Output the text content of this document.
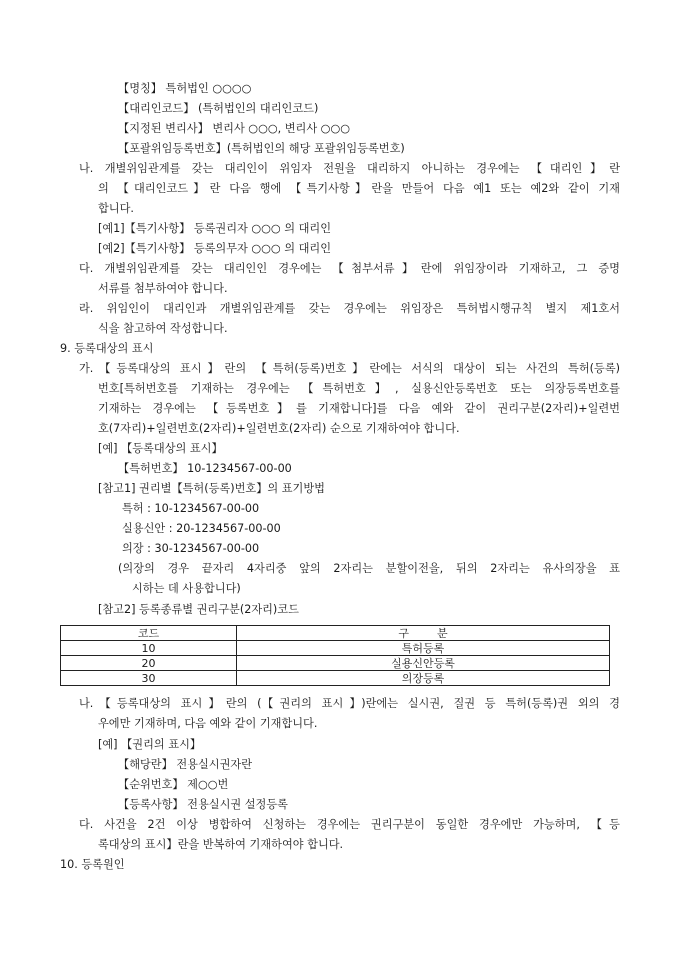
【명칭】 특허법인 ○○○○
【대리인코드】 (특허법인의 대리인코드)
【지정된 변리사】 변리사 ○○○, 변리사 ○○○
【포괄위임등록번호】(특허법인의 해당 포괄위임등록번호)
나. 개별위임관계를 갖는 대리인이 위임자 전원을 대리하지 아니하는 경우에는 【대리인】란
의 【대리인코드】란 다음 행에 【특기사항】란을 만들어 다음 예1 또는 예2와 같이 기재
합니다.
[예1]【특기사항】 등록권리자 ○○○ 의 대리인
[예2]【특기사항】 등록의무자 ○○○ 의 대리인
다. 개별위임관계를 갖는 대리인인 경우에는 【첨부서류】란에 위임장이라 기재하고, 그 증명
서류를 첨부하여야 합니다.
라. 위임인이 대리인과 개별위임관계를 갖는 경우에는 위임장은 특허법시행규칙 별지 제1호서
식을 참고하여 작성합니다.
9. 등록대상의 표시
가.【등록대상의 표시】란의 【특허(등록)번호】란에는 서식의 대상이 되는 사건의 특허(등록)
번호[특허번호를 기재하는 경우에는 【특허번호】, 실용신안등록번호 또는 의장등록번호를
기재하는 경우에는 【등록번호】를 기재합니다]를 다음 예와 같이 권리구분(2자리)+일련번
호(7자리)+일련번호(2자리)+일련번호(2자리) 순으로 기재하여야 합니다.
[예] 【등록대상의 표시】
【특허번호】 10-1234567-00-00
[참고1] 권리별【특허(등록)번호】의 표기방법
특허 : 10-1234567-00-00
실용신안 : 20-1234567-00-00
의장 : 30-1234567-00-00
(의장의 경우 끝자리 4자리중 앞의 2자리는 분할이전을, 뒤의 2자리는 유사의장을 표
시하는 데 사용합니다)
[참고2] 등록종류별 권리구분(2자리)코드
코드	구        분
10	특허등록
20	실용신안등록
30	의장등록
나.【등록대상의 표시】란의 (【권리의 표시】)란에는 실시권, 질권 등 특허(등록)권 외의 경
우에만 기재하며, 다음 예와 같이 기재합니다.
[예] 【권리의 표시】
【해당란】 전용실시권자란
【순위번호】 제○○번
【등록사항】 전용실시권 설정등록
다. 사건을 2건 이상 병합하여 신청하는 경우에는 권리구분이 동일한 경우에만 가능하며, 【등
록대상의 표시】란을 반복하여 기재하여야 합니다.
10. 등록원인
